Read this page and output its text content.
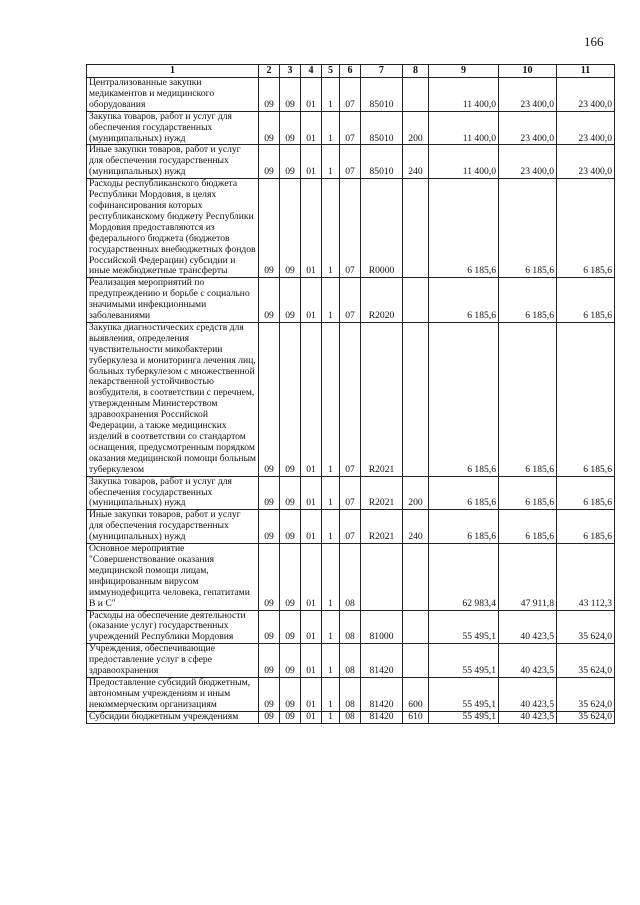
166
1	2	3	4	5	6	7	8	9	10	11
Централизованные закупки медикаментов и медицинского оборудования	09	09	01	1	07	85010		11 400,0	23 400,0	23 400,0
Закупка товаров, работ и услуг для обеспечения государственных (муниципальных) нужд	09	09	01	1	07	85010	200	11 400,0	23 400,0	23 400,0
Иные закупки товаров, работ и услуг для обеспечения государственных (муниципальных) нужд	09	09	01	1	07	85010	240	11 400,0	23 400,0	23 400,0
Расходы республиканского бюджета Республики Мордовия, в целях софинансирования которых республиканскому бюджету Республики Мордовия предоставляются из федерального бюджета (бюджетов государственных внебюджетных фондов Российской Федерации) субсидии и иные межбюджетные трансферты	09	09	01	1	07	R0000		6 185,6	6 185,6	6 185,6
Реализация мероприятий по предупреждению и борьбе с социально значимыми инфекционными заболеваниями	09	09	01	1	07	R2020		6 185,6	6 185,6	6 185,6
Закупка диагностических средств для выявления, определения чувствительности микобактерии туберкулеза и мониторинга лечения лиц, больных туберкулезом с множественной лекарственной устойчивостью возбудителя, в соответствии с перечнем, утвержденным Министерством здравоохранения Российской Федерации, а также медицинских изделий в соответствии со стандартом оснащения, предусмотренным порядком оказания медицинской помощи больным туберкулезом	09	09	01	1	07	R2021		6 185,6	6 185,6	6 185,6
Закупка товаров, работ и услуг для обеспечения государственных (муниципальных) нужд	09	09	01	1	07	R2021	200	6 185,6	6 185,6	6 185,6
Иные закупки товаров, работ и услуг для обеспечения государственных (муниципальных) нужд	09	09	01	1	07	R2021	240	6 185,6	6 185,6	6 185,6
Основное мероприятие "Совершенствование оказания медицинской помощи лицам, инфицированным вирусом иммунодефицита человека, гепатитами В и С"	09	09	01	1	08			62 983,4	47 911,8	43 112,3
Расходы на обеспечение деятельности (оказание услуг) государственных учреждений Республики Мордовия	09	09	01	1	08	81000		55 495,1	40 423,5	35 624,0
Учреждения, обеспечивающие предоставление услуг в сфере здравоохранения	09	09	01	1	08	81420		55 495,1	40 423,5	35 624,0
Предоставление субсидий бюджетным, автономным учреждениям и иным некоммерческим организациям	09	09	01	1	08	81420	600	55 495,1	40 423,5	35 624,0
Субсидии бюджетным учреждениям	09	09	01	1	08	81420	610	55 495,1	40 423,5	35 624,0
